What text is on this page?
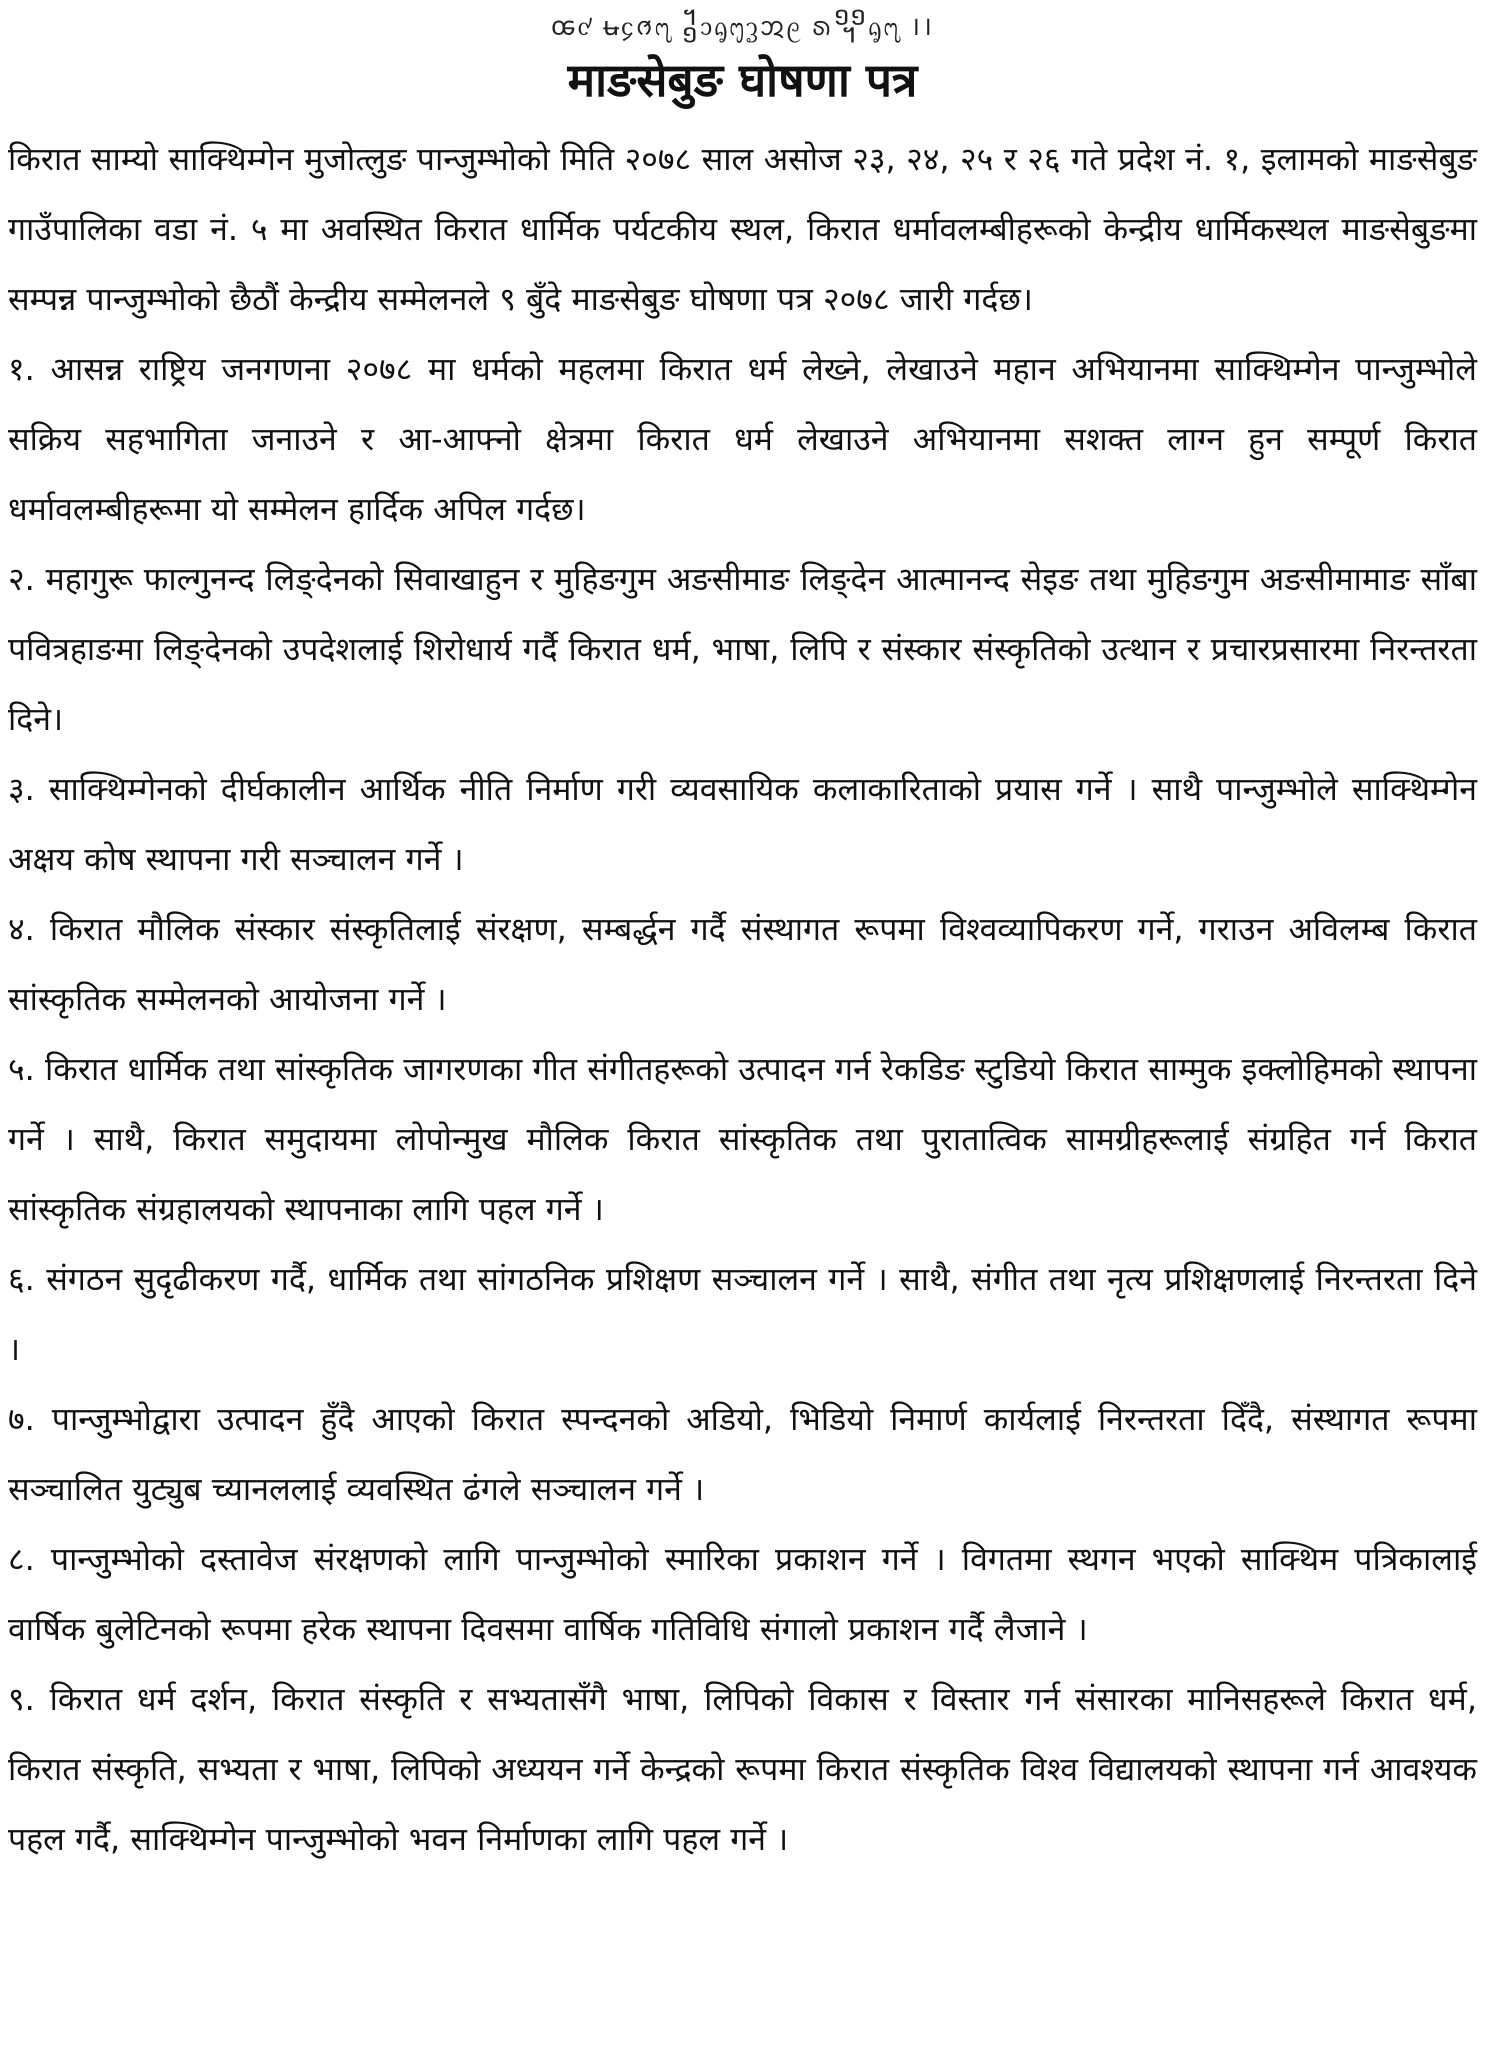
ꭀ᧚ ꭏ᧔ᩆ᧗ ᧱᧑ᧂ᧕ᧆᩋ᧙ ᩁ᧫ᧂ᧗ ।।
माङसेबुङ घोषणा पत्र

किरात साम्यो साक्थिम्गेन मुजोत्लुङ पान्जुम्भोको मिति २०७८ साल असोज २३, २४, २५ र २६ गते प्रदेश नं. १, इलामको माङसेबुङ गाउँपालिका वडा नं. ५ मा अवस्थित किरात धार्मिक पर्यटकीय स्थल, किरात धर्मावलम्बीहरूको केन्द्रीय धार्मिकस्थल माङसेबुङमा सम्पन्न पान्जुम्भोको छैठौं केन्द्रीय सम्मेलनले ९ बुँदे माङसेबुङ घोषणा पत्र २०७८ जारी गर्दछ।

१. आसन्न राष्ट्रिय जनगणना २०७८ मा धर्मको महलमा किरात धर्म लेख्ने, लेखाउने महान अभियानमा साक्थिम्गेन पान्जुम्भोले सक्रिय सहभागिता जनाउने र आ-आफ्नो क्षेत्रमा किरात धर्म लेखाउने अभियानमा सशक्त लाग्न हुन सम्पूर्ण किरात धर्मावलम्बीहरूमा यो सम्मेलन हार्दिक अपिल गर्दछ।

२. महागुरू फाल्गुनन्द लिङ्देनको सिवाखाहुन र मुहिङगुम अङसीमाङ लिङ्देन आत्मानन्द सेइङ तथा मुहिङगुम अङसीमामाङ साँबा पवित्रहाङमा लिङ्देनको उपदेशलाई शिरोधार्य गर्दै किरात धर्म, भाषा, लिपि र संस्कार संस्कृतिको उत्थान र प्रचारप्रसारमा निरन्तरता दिने।

३. साक्थिम्गेनको दीर्घकालीन आर्थिक नीति निर्माण गरी व्यवसायिक कलाकारिताको प्रयास गर्ने । साथै पान्जुम्भोले साक्थिम्गेन अक्षय कोष स्थापना गरी सञ्चालन गर्ने ।

४. किरात मौलिक संस्कार संस्कृतिलाई संरक्षण, सम्बर्द्धन गर्दै संस्थागत रूपमा विश्वव्यापिकरण गर्ने, गराउन अविलम्ब किरात सांस्कृतिक सम्मेलनको आयोजना गर्ने ।

५. किरात धार्मिक तथा सांस्कृतिक जागरणका गीत संगीतहरूको उत्पादन गर्न रेकडिङ स्टुडियो किरात साम्मुक इक्लोहिमको स्थापना गर्ने । साथै, किरात समुदायमा लोपोन्मुख मौलिक किरात सांस्कृतिक तथा पुरातात्विक सामग्रीहरूलाई संग्रहित गर्न किरात सांस्कृतिक संग्रहालयको स्थापनाका लागि पहल गर्ने ।

६. संगठन सुदृढीकरण गर्दै, धार्मिक तथा सांगठनिक प्रशिक्षण सञ्चालन गर्ने । साथै, संगीत तथा नृत्य प्रशिक्षणलाई निरन्तरता दिने ।

७. पान्जुम्भोद्वारा उत्पादन हुँदै आएको किरात स्पन्दनको अडियो, भिडियो निमार्ण कार्यलाई निरन्तरता दिँदै, संस्थागत रूपमा सञ्चालित युट्युब च्यानललाई व्यवस्थित ढंगले सञ्चालन गर्ने ।

८. पान्जुम्भोको दस्तावेज संरक्षणको लागि पान्जुम्भोको स्मारिका प्रकाशन गर्ने । विगतमा स्थगन भएको साक्थिम पत्रिकालाई वार्षिक बुलेटिनको रूपमा हरेक स्थापना दिवसमा वार्षिक गतिविधि संगालो प्रकाशन गर्दै लैजाने ।

९. किरात धर्म दर्शन, किरात संस्कृति र सभ्यतासँगै भाषा, लिपिको विकास र विस्तार गर्न संसारका मानिसहरूले किरात धर्म, किरात संस्कृति, सभ्यता र भाषा, लिपिको अध्ययन गर्ने केन्द्रको रूपमा किरात संस्कृतिक विश्व विद्यालयको स्थापना गर्न आवश्यक पहल गर्दै, साक्थिम्गेन पान्जुम्भोको भवन निर्माणका लागि पहल गर्ने ।
